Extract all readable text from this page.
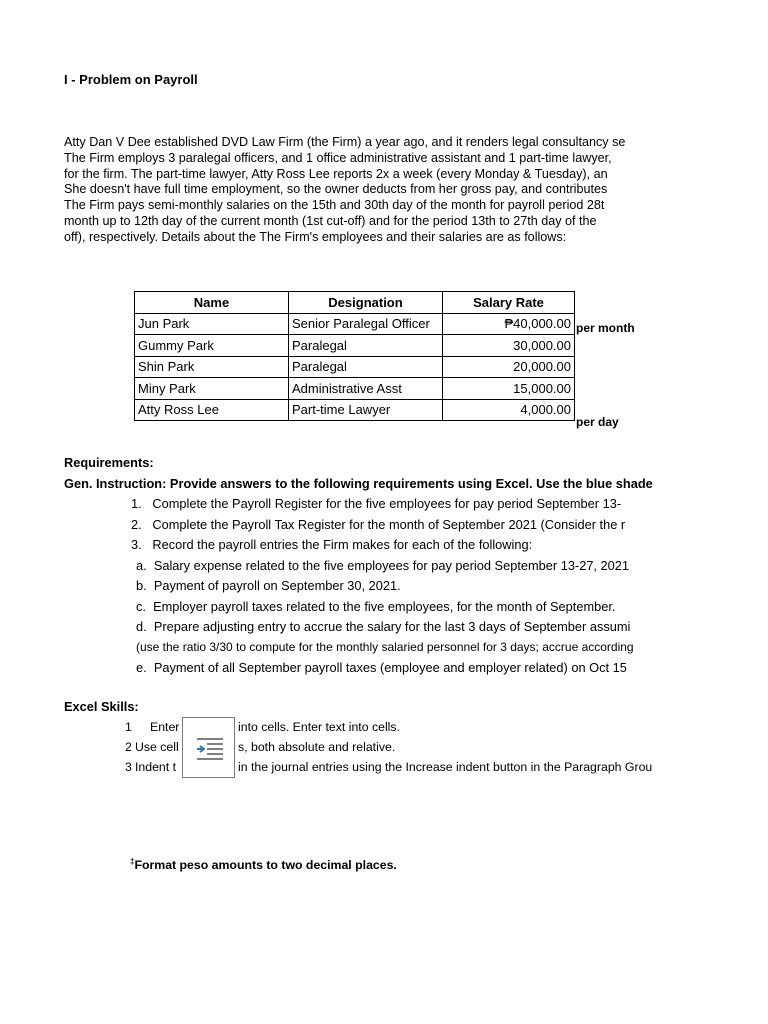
I - Problem on Payroll
Atty Dan V Dee established DVD Law Firm (the Firm) a year ago, and it renders legal consultancy se
The Firm employs 3 paralegal officers, and 1 office administrative assistant and 1 part-time lawyer,
for the firm. The part-time lawyer, Atty Ross Lee reports 2x a week (every Monday & Tuesday), an
She doesn't have full time employment, so the owner deducts from her gross pay, and contributes
The Firm pays semi-monthly salaries on the 15th and 30th day of the month for payroll period 28t
month up to 12th day of the current month (1st cut-off) and for the period 13th to 27th day of the
off), respectively. Details about the The Firm's employees and their salaries are as follows:
Requirements:
Gen. Instruction: Provide answers to the following requirements using Excel. Use the blue shade
1. Complete the Payroll Register for the five employees for pay period September 13-
2. Complete the Payroll Tax Register for the month of September 2021 (Consider the r
3. Record the payroll entries the Firm makes for each of the following:
a. Salary expense related to the five employees for pay period September 13-27, 2021
b. Payment of payroll on September 30, 2021.
c. Employer payroll taxes related to the five employees, for the month of September.
d. Prepare adjusting entry to accrue the salary for the last 3 days of September assumi
(use the ratio 3/30 to compute for the monthly salaried personnel for 3 days; accrue according
e. Payment of all September payroll taxes (employee and employer related) on Oct 15
Excel Skills:
1 Enter	into cells. Enter text into cells.
2 Use cell	s, both absolute and relative.
3 Indent t	in the journal entries using the Increase indent button in the Paragraph Grou
Name	Designation	Salary Rate
Jun Park	Senior Paralegal Officer	₱40,000.00
Gummy Park	Paralegal	30,000.00
Shin Park	Paralegal	20,000.00
Miny Park	Administrative Asst	15,000.00
Atty Ross Lee	Part-time Lawyer	4,000.00
per month
per day
‡Format peso amounts to two decimal places.
